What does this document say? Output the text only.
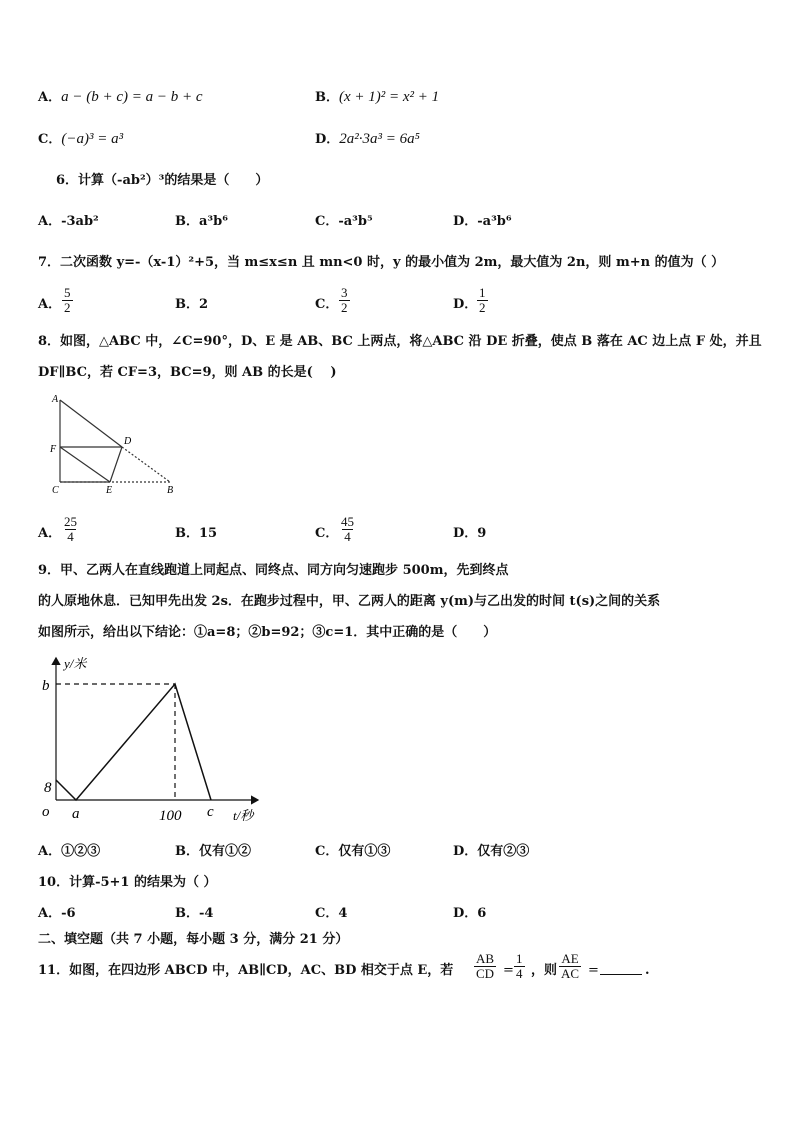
A．a − (b + c) = a − b + c	B．(x + 1)² = x² + 1
C．(−a)³ = a³	D．2a²·3a³ = 6a⁵
6．计算（-ab²）³的结果是（　　）
A．-3ab²	B．a³b⁶	C．-a³b⁵	D．-a³b⁶
7．二次函数 y=-（x-1）²+5，当 m≤x≤n 且 mn<0 时，y 的最小值为 2m，最大值为 2n，则 m+n 的值为（ ）
A． $\frac{5}{2}$	B．2	C． $\frac{3}{2}$	D． $\frac{1}{2}$
8．如图，△ABC 中，∠C=90°，D、E 是 AB、BC 上两点，将△ABC 沿 DE 折叠，使点 B 落在 AC 边上点 F 处，并且
DF∥BC，若 CF=3，BC=9，则 AB 的长是(　 )
A
D
F
C	E	B
A． $\frac{25}{4}$	B．15	C． $\frac{45}{4}$	D．9
9．甲、乙两人在直线跑道上同起点、同终点、同方向匀速跑步 500m，先到终点
的人原地休息．已知甲先出发 2s．在跑步过程中，甲、乙两人的距离 y(m)与乙出发的时间 t(s)之间的关系
如图所示，给出以下结论：①a=8；②b=92；③c=1．其中正确的是（　　）
y/米
t/秒
b
8
o a	100 c
A．①②③	B．仅有①②	C．仅有①③	D．仅有②③
10．计算-5+1 的结果为（ ）
A．-6	B．-4	C．4	D．6
二、填空题（共 7 小题，每小题 3 分，满分 21 分）
11．如图，在四边形 ABCD 中，AB∥CD，AC、BD 相交于点 E，若 $\frac{AB}{CD} = \frac{1}{4}$ ，则 $\frac{AE}{AC}$ =	.
